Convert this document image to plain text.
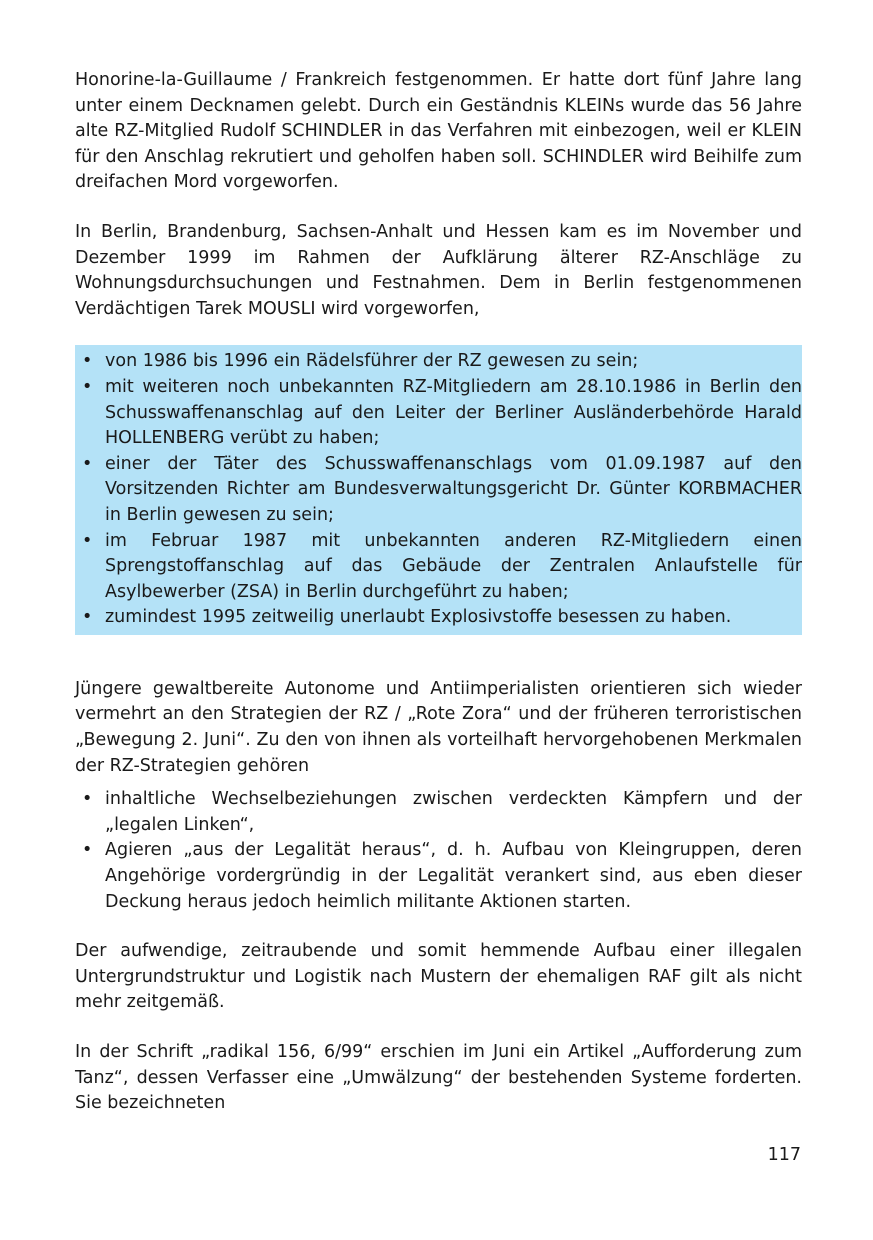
Honorine-la-Guillaume / Frankreich festgenommen. Er hatte dort fünf Jahre lang unter einem Decknamen gelebt. Durch ein Geständnis KLEINs wurde das 56 Jahre alte RZ-Mitglied Rudolf SCHINDLER in das Verfahren mit einbezogen, weil er KLEIN für den Anschlag rekrutiert und geholfen haben soll. SCHINDLER wird Beihilfe zum dreifachen Mord vorgeworfen.

In Berlin, Brandenburg, Sachsen-Anhalt und Hessen kam es im November und Dezember 1999 im Rahmen der Aufklärung älterer RZ-Anschläge zu Wohnungsdurchsuchungen und Festnahmen. Dem in Berlin festgenommenen Verdächtigen Tarek MOUSLI wird vorgeworfen,

• von 1986 bis 1996 ein Rädelsführer der RZ gewesen zu sein;
• mit weiteren noch unbekannten RZ-Mitgliedern am 28.10.1986 in Berlin den Schusswaffenanschlag auf den Leiter der Berliner Ausländerbehörde Harald HOLLENBERG verübt zu haben;
• einer der Täter des Schusswaffenanschlags vom 01.09.1987 auf den Vorsitzenden Richter am Bundesverwaltungsgericht Dr. Günter KORBMACHER in Berlin gewesen zu sein;
• im Februar 1987 mit unbekannten anderen RZ-Mitgliedern einen Sprengstoffanschlag auf das Gebäude der Zentralen Anlaufstelle für Asylbewerber (ZSA) in Berlin durchgeführt zu haben;
• zumindest 1995 zeitweilig unerlaubt Explosivstoffe besessen zu haben.

Jüngere gewaltbereite Autonome und Antiimperialisten orientieren sich wieder vermehrt an den Strategien der RZ / „Rote Zora“ und der früheren terroristischen „Bewegung 2. Juni“. Zu den von ihnen als vorteilhaft hervorgehobenen Merkmalen der RZ-Strategien gehören

• inhaltliche Wechselbeziehungen zwischen verdeckten Kämpfern und der „legalen Linken“,
• Agieren „aus der Legalität heraus“, d. h. Aufbau von Kleingruppen, deren Angehörige vordergründig in der Legalität verankert sind, aus eben dieser Deckung heraus jedoch heimlich militante Aktionen starten.

Der aufwendige, zeitraubende und somit hemmende Aufbau einer illegalen Untergrundstruktur und Logistik nach Mustern der ehemaligen RAF gilt als nicht mehr zeitgemäß.

In der Schrift „radikal 156, 6/99“ erschien im Juni ein Artikel „Aufforderung zum Tanz“, dessen Verfasser eine „Umwälzung“ der bestehenden Systeme forderten. Sie bezeichneten

117
